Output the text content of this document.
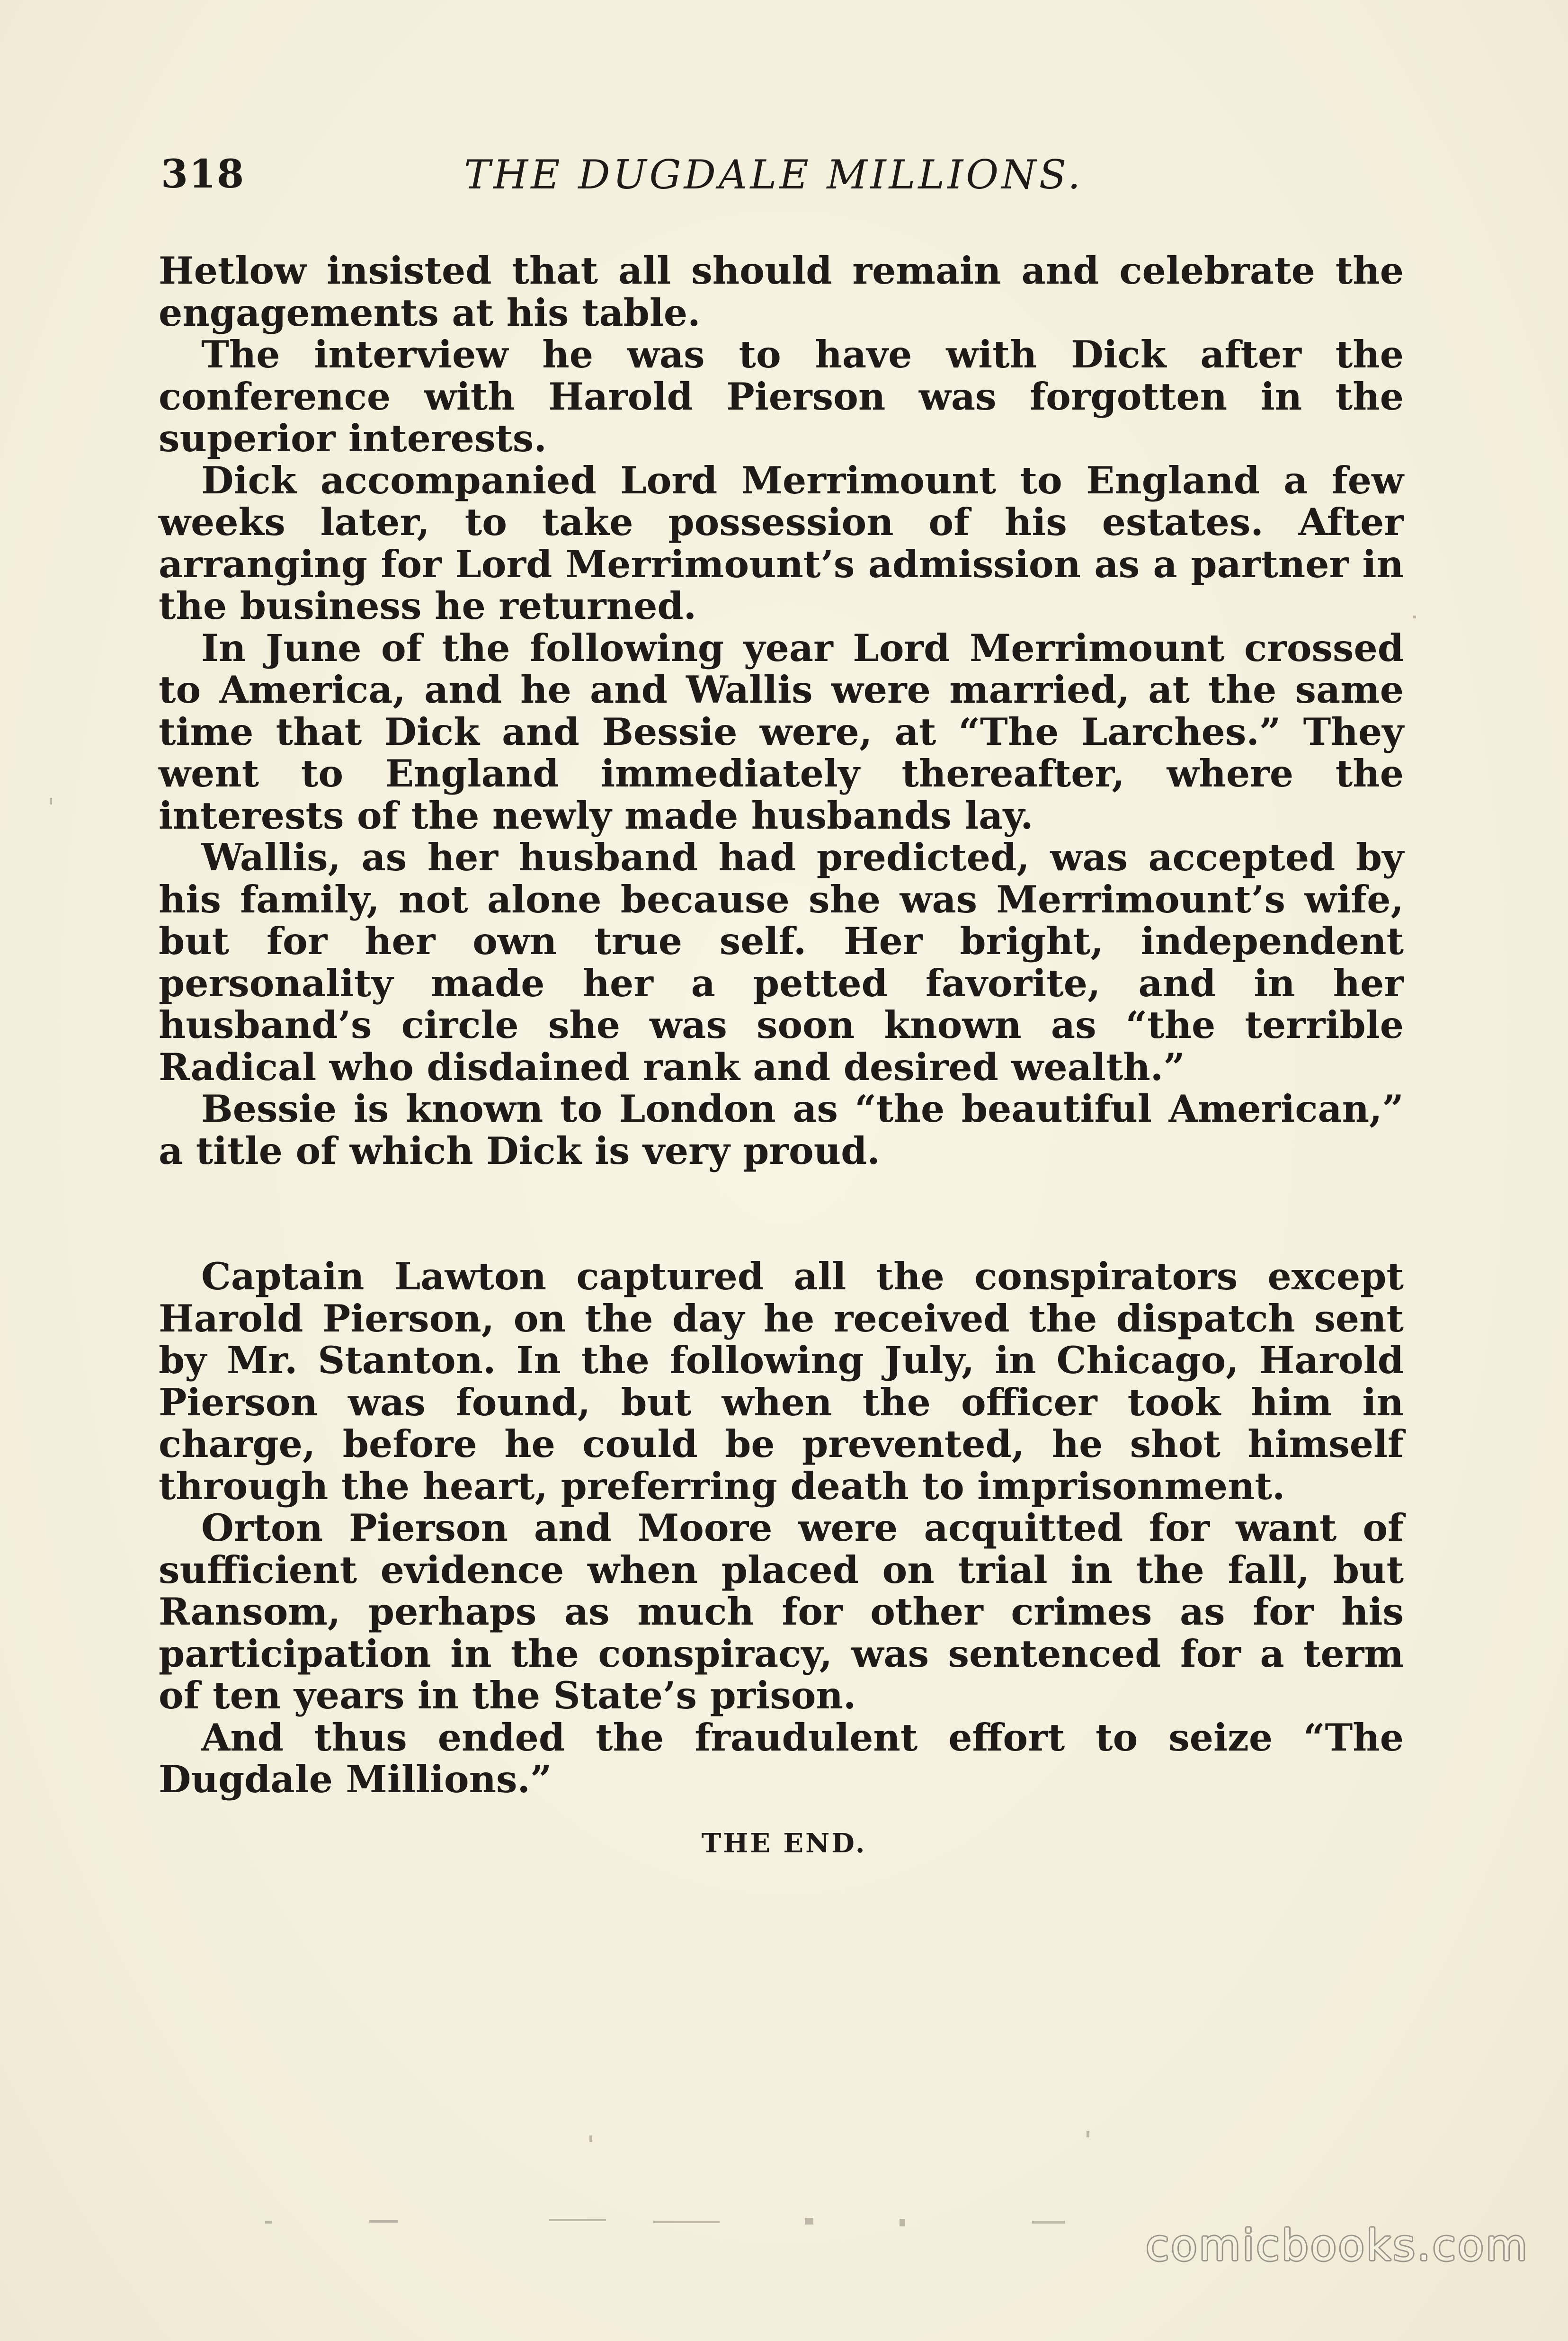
318	THE DUGDALE MILLIONS.

Hetlow insisted that all should remain and celebrate the engagements at his table.

The interview he was to have with Dick after the conference with Harold Pierson was forgotten in the superior interests.

Dick accompanied Lord Merrimount to England a few weeks later, to take possession of his estates. After arranging for Lord Merrimount’s admission as a partner in the business he returned.

In June of the following year Lord Merrimount crossed to America, and he and Wallis were married, at the same time that Dick and Bessie were, at “The Larches.” They went to England immediately thereafter, where the interests of the newly made husbands lay.

Wallis, as her husband had predicted, was accepted by his family, not alone because she was Merrimount’s wife, but for her own true self. Her bright, independent personality made her a petted favorite, and in her husband’s circle she was soon known as “the terrible Radical who disdained rank and desired wealth.”

Bessie is known to London as “the beautiful American,” a title of which Dick is very proud.

Captain Lawton captured all the conspirators except Harold Pierson, on the day he received the dispatch sent by Mr. Stanton. In the following July, in Chicago, Harold Pierson was found, but when the officer took him in charge, before he could be prevented, he shot himself through the heart, preferring death to imprisonment.

Orton Pierson and Moore were acquitted for want of sufficient evidence when placed on trial in the fall, but Ransom, perhaps as much for other crimes as for his participation in the conspiracy, was sentenced for a term of ten years in the State’s prison.

And thus ended the fraudulent effort to seize “The Dugdale Millions.”

THE END.
comicbooks.com
